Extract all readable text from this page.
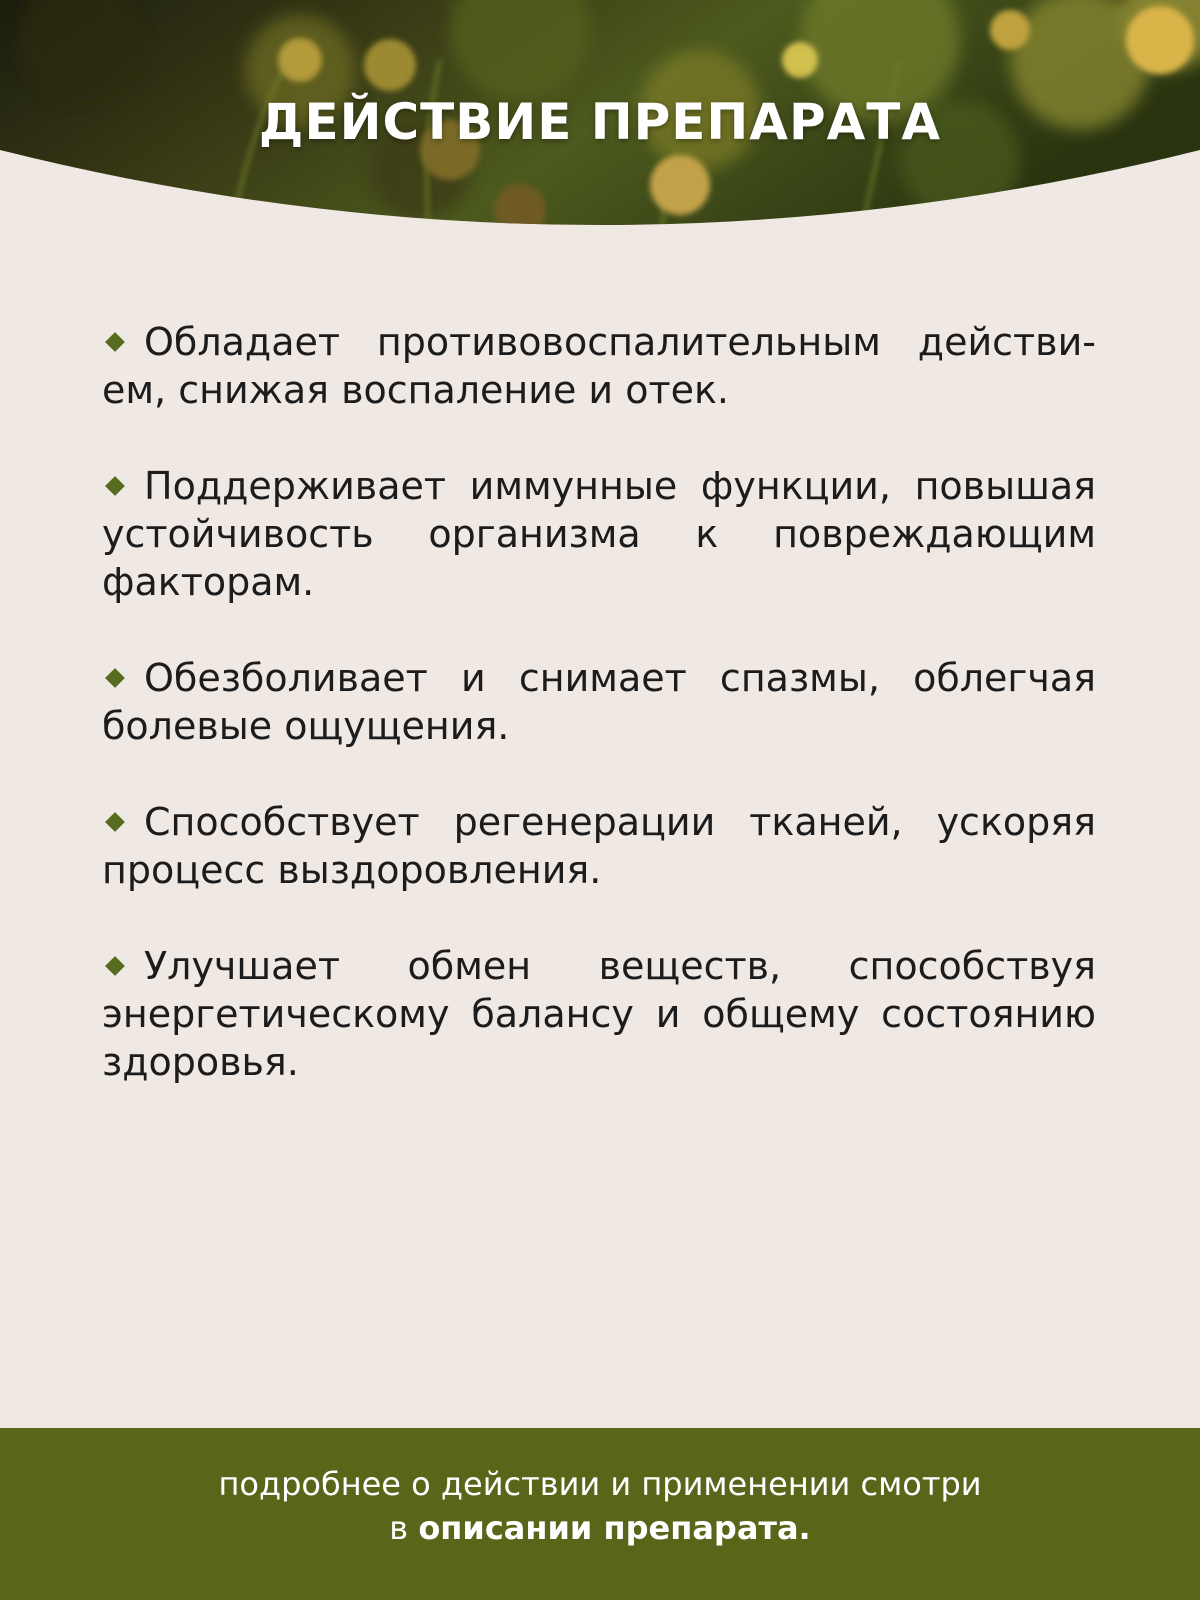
ДЕЙСТВИЕ ПРЕПАРАТА
Обладает противовоспалительным действием, снижая воспаление и отек.
Поддерживает иммунные функции, повышая устойчивость организма к повреждающим факторам.
Обезболивает и снимает спазмы, облегчая болевые ощущения.
Способствует регенерации тканей, ускоряя процесс выздоровления.
Улучшает обмен веществ, способствуя энергетическому балансу и общему состоянию здоровья.
подробнее о действии и применении смотри
в описании препарата.
